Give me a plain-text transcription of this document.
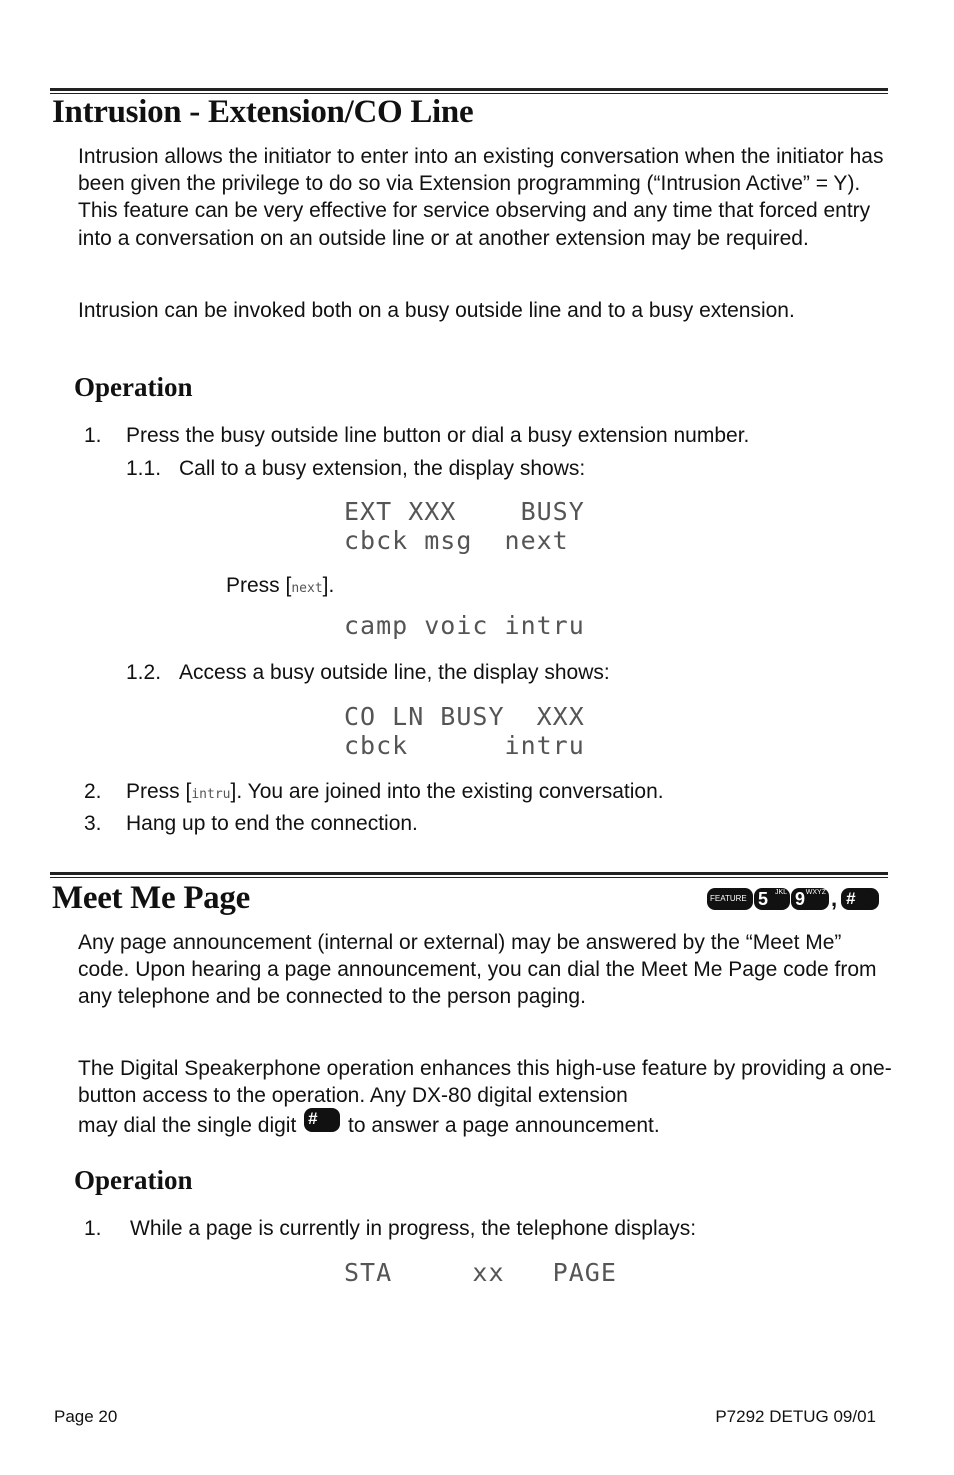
Intrusion - Extension/CO Line
Intrusion allows the initiator to enter into an existing conversation when the initiator has been given the privilege to do so via Extension programming (“Intrusion Active” = Y). This feature can be very effective for service observing and any time that forced entry into a conversation on an outside line or at another extension may be required.
Intrusion can be invoked both on a busy outside line and to a busy extension.
Operation
1. Press the busy outside line button or dial a busy extension number.
1.1. Call to a busy extension, the display shows:
EXT XXX    BUSY
cbck msg  next
Press [next].
camp voic intru
1.2. Access a busy outside line, the display shows:
CO LN BUSY  XXX
cbck      intru
2. Press [intru]. You are joined into the existing conversation.
3. Hang up to end the connection.
Meet Me Page	FEATURE 5 JKL 9 WXYZ , #
Any page announcement (internal or external) may be answered by the “Meet Me” code. Upon hearing a page announcement, you can dial the Meet Me Page code from any telephone and be connected to the person paging.
The Digital Speakerphone operation enhances this high-use feature by providing a one-button access to the operation. Any DX-80 digital extension
may dial the single digit # to answer a page announcement.
Operation
1. While a page is currently in progress, the telephone displays:
STA     xx   PAGE
Page 20	P7292 DETUG 09/01
